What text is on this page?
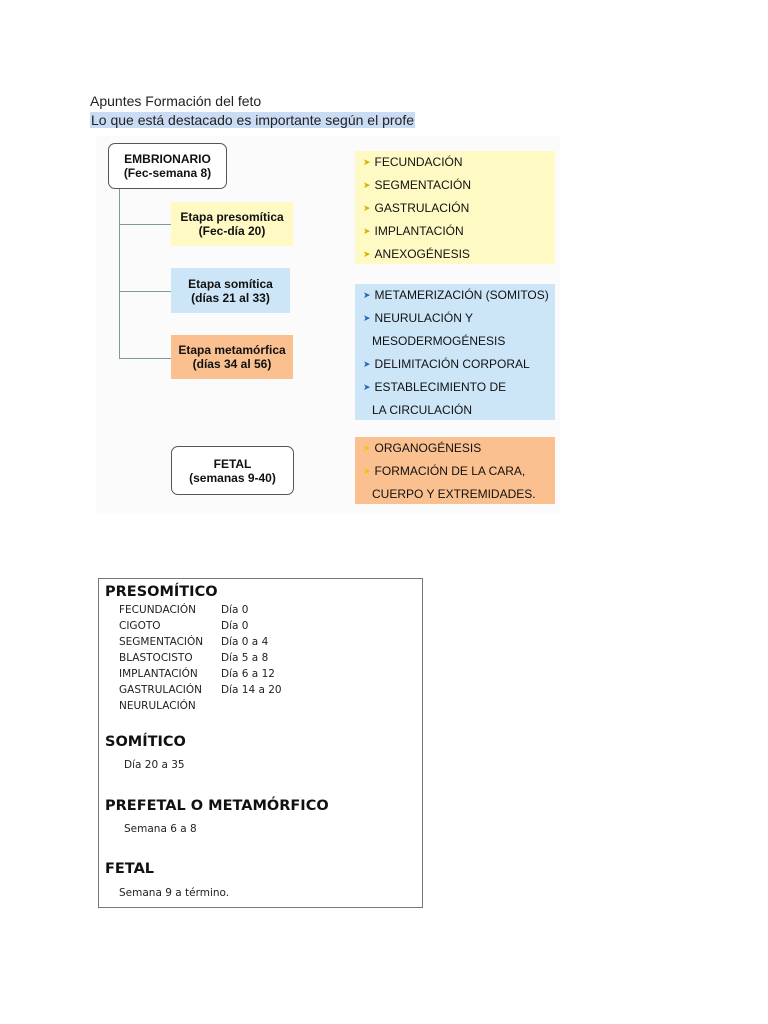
Apuntes Formación del feto
Lo que está destacado es importante según el profe
EMBRIONARIO
(Fec-semana 8)
Etapa presomítica
(Fec-día 20)
Etapa somítica
(días 21 al 33)
Etapa metamórfica
(días 34 al 56)
FETAL
(semanas 9-40)
➤ FECUNDACIÓN
➤ SEGMENTACIÓN
➤ GASTRULACIÓN
➤ IMPLANTACIÓN
➤ ANEXOGÉNESIS
➤ METAMERIZACIÓN (SOMITOS)
➤ NEURULACIÓN Y
MESODERMOGÉNESIS
➤ DELIMITACIÓN CORPORAL
➤ ESTABLECIMIENTO DE
LA CIRCULACIÓN
➤ ORGANOGÉNESIS
➤ FORMACIÓN DE LA CARA,
CUERPO Y EXTREMIDADES.
PRESOMÍTICO
FECUNDACIÓN Día 0
CIGOTO	Día 0
SEGMENTACIÓN Día 0 a 4
BLASTOCISTO	Día 5 a 8
IMPLANTACIÓN Día 6 a 12
GASTRULACIÓN Día 14 a 20
NEURULACIÓN
SOMÍTICO
Día 20 a 35
PREFETAL O METAMÓRFICO
Semana 6 a 8
FETAL
Semana 9 a término.
